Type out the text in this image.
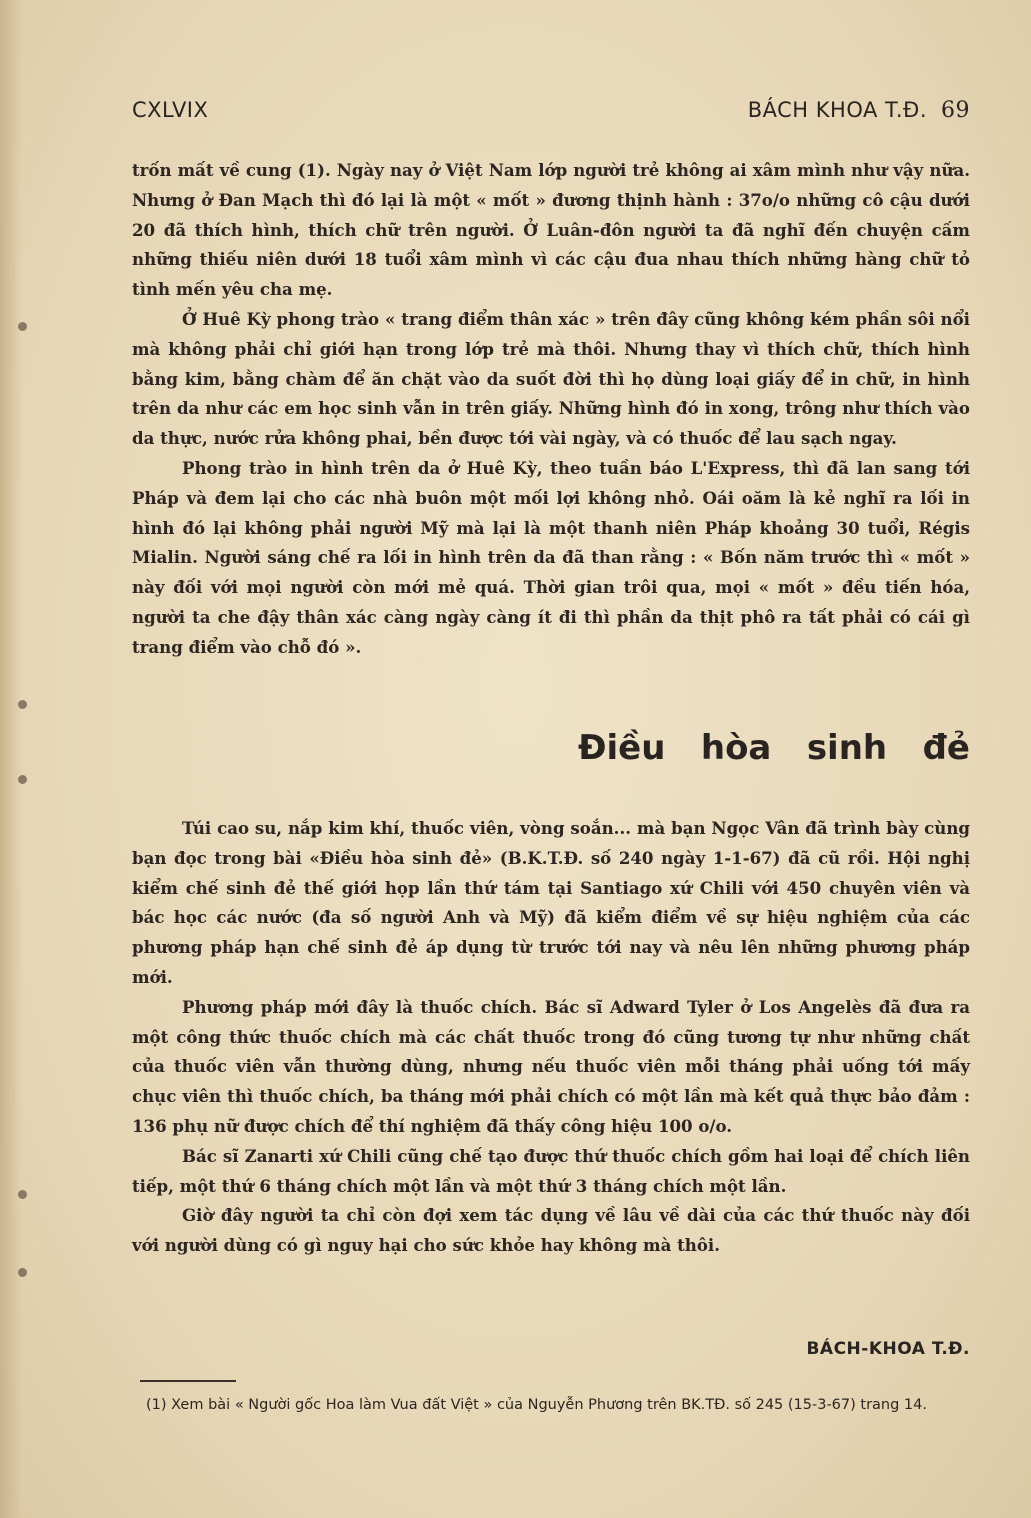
CXLVIX	BÁCH KHOA T.Đ. 69

trốn mất về cung (1). Ngày nay ở Việt Nam lớp người trẻ không ai xâm mình như vậy nữa. Nhưng ở Đan Mạch thì đó lại là một « mốt » đương thịnh hành : 37o/o những cô cậu dưới 20 đã thích hình, thích chữ trên người. Ở Luân-đôn người ta đã nghĩ đến chuyện cấm những thiếu niên dưới 18 tuổi xâm mình vì các cậu đua nhau thích những hàng chữ tỏ tình mến yêu cha mẹ.

Ở Huê Kỳ phong trào « trang điểm thân xác » trên đây cũng không kém phần sôi nổi mà không phải chỉ giới hạn trong lớp trẻ mà thôi. Nhưng thay vì thích chữ, thích hình bằng kim, bằng chàm để ăn chặt vào da suốt đời thì họ dùng loại giấy để in chữ, in hình trên da như các em học sinh vẫn in trên giấy. Những hình đó in xong, trông như thích vào da thực, nước rửa không phai, bền được tới vài ngày, và có thuốc để lau sạch ngay.

Phong trào in hình trên da ở Huê Kỳ, theo tuần báo L'Express, thì đã lan sang tới Pháp và đem lại cho các nhà buôn một mối lợi không nhỏ. Oái oăm là kẻ nghĩ ra lối in hình đó lại không phải người Mỹ mà lại là một thanh niên Pháp khoảng 30 tuổi, Régis Mialin. Người sáng chế ra lối in hình trên da đã than rằng : « Bốn năm trước thì « mốt » này đối với mọi người còn mới mẻ quá. Thời gian trôi qua, mọi « mốt » đều tiến hóa, người ta che đậy thân xác càng ngày càng ít đi thì phần da thịt phô ra tất phải có cái gì trang điểm vào chỗ đó ».

Điều hòa sinh đẻ

Túi cao su, nắp kim khí, thuốc viên, vòng soắn... mà bạn Ngọc Vân đã trình bày cùng bạn đọc trong bài «Điều hòa sinh đẻ» (B.K.T.Đ. số 240 ngày 1-1-67) đã cũ rồi. Hội nghị kiểm chế sinh đẻ thế giới họp lần thứ tám tại Santiago xứ Chili với 450 chuyên viên và bác học các nước (đa số người Anh và Mỹ) đã kiểm điểm về sự hiệu nghiệm của các phương pháp hạn chế sinh đẻ áp dụng từ trước tới nay và nêu lên những phương pháp mới.

Phương pháp mới đây là thuốc chích. Bác sĩ Adward Tyler ở Los Angelès đã đưa ra một công thức thuốc chích mà các chất thuốc trong đó cũng tương tự như những chất của thuốc viên vẫn thường dùng, nhưng nếu thuốc viên mỗi tháng phải uống tới mấy chục viên thì thuốc chích, ba tháng mới phải chích có một lần mà kết quả thực bảo đảm : 136 phụ nữ được chích để thí nghiệm đã thấy công hiệu 100 o/o.

Bác sĩ Zanarti xứ Chili cũng chế tạo được thứ thuốc chích gồm hai loại để chích liên tiếp, một thứ 6 tháng chích một lần và một thứ 3 tháng chích một lần.

Giờ đây người ta chỉ còn đợi xem tác dụng về lâu về dài của các thứ thuốc này đối với người dùng có gì nguy hại cho sức khỏe hay không mà thôi.

BÁCH-KHOA T.Đ.

(1) Xem bài « Người gốc Hoa làm Vua đất Việt » của Nguyễn Phương trên BK.TĐ. số 245 (15-3-67) trang 14.
